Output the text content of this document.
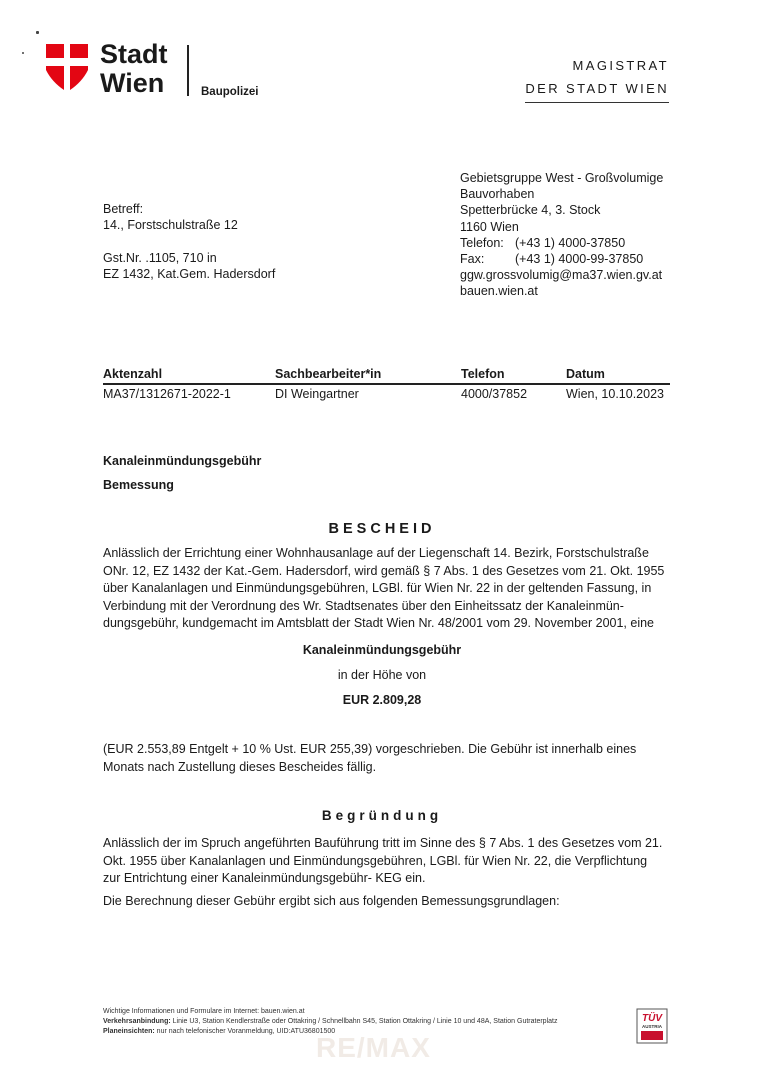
Stadt
Wien	Baupolizei
MAGISTRAT
DER STADT WIEN
Gebietsgruppe West - Großvolumige
Bauvorhaben
Spetterbrücke 4, 3. Stock
1160 Wien
Telefon: (+43 1) 4000-37850
Fax: (+43 1) 4000-99-37850
ggw.grossvolumig@ma37.wien.gv.at
bauen.wien.at
Betreff:
14., Forstschulstraße 12
Gst.Nr. .1105, 710 in
EZ 1432, Kat.Gem. Hadersdorf
Aktenzahl	Sachbearbeiter*in	Telefon	Datum
MA37/1312671-2022-1	DI Weingartner	4000/37852	Wien, 10.10.2023
Kanaleinmündungsgebühr
Bemessung
BESCHEID
Anlässlich der Errichtung einer Wohnhausanlage auf der Liegenschaft 14. Bezirk, Forstschulstraße
ONr. 12, EZ 1432 der Kat.-Gem. Hadersdorf, wird gemäß § 7 Abs. 1 des Gesetzes vom 21. Okt. 1955
über Kanalanlagen und Einmündungsgebühren, LGBl. für Wien Nr. 22 in der geltenden Fassung, in
Verbindung mit der Verordnung des Wr. Stadtsenates über den Einheitssatz der Kanaleinmün-
dungsgebühr, kundgemacht im Amtsblatt der Stadt Wien Nr. 48/2001 vom 29. November 2001, eine
Kanaleinmündungsgebühr
in der Höhe von
EUR 2.809,28
(EUR 2.553,89 Entgelt + 10 % Ust. EUR 255,39) vorgeschrieben. Die Gebühr ist innerhalb eines
Monats nach Zustellung dieses Bescheides fällig.
Begründung
Anlässlich der im Spruch angeführten Bauführung tritt im Sinne des § 7 Abs. 1 des Gesetzes vom 21.
Okt. 1955 über Kanalanlagen und Einmündungsgebühren, LGBl. für Wien Nr. 22, die Verpflichtung
zur Entrichtung einer Kanaleinmündungsgebühr- KEG ein.
Die Berechnung dieser Gebühr ergibt sich aus folgenden Bemessungsgrundlagen:
Wichtige Informationen und Formulare im Internet: bauen.wien.at
Verkehrsanbindung: Linie U3, Station Kendlerstraße oder Ottakring / Schnellbahn S45, Station Ottakring / Linie 10 und 48A, Station Gutraterplatz
Planeinsichten: nur nach telefonischer Voranmeldung, UID:ATU36801500
TÜV
AUSTRIA
RE/MAX
